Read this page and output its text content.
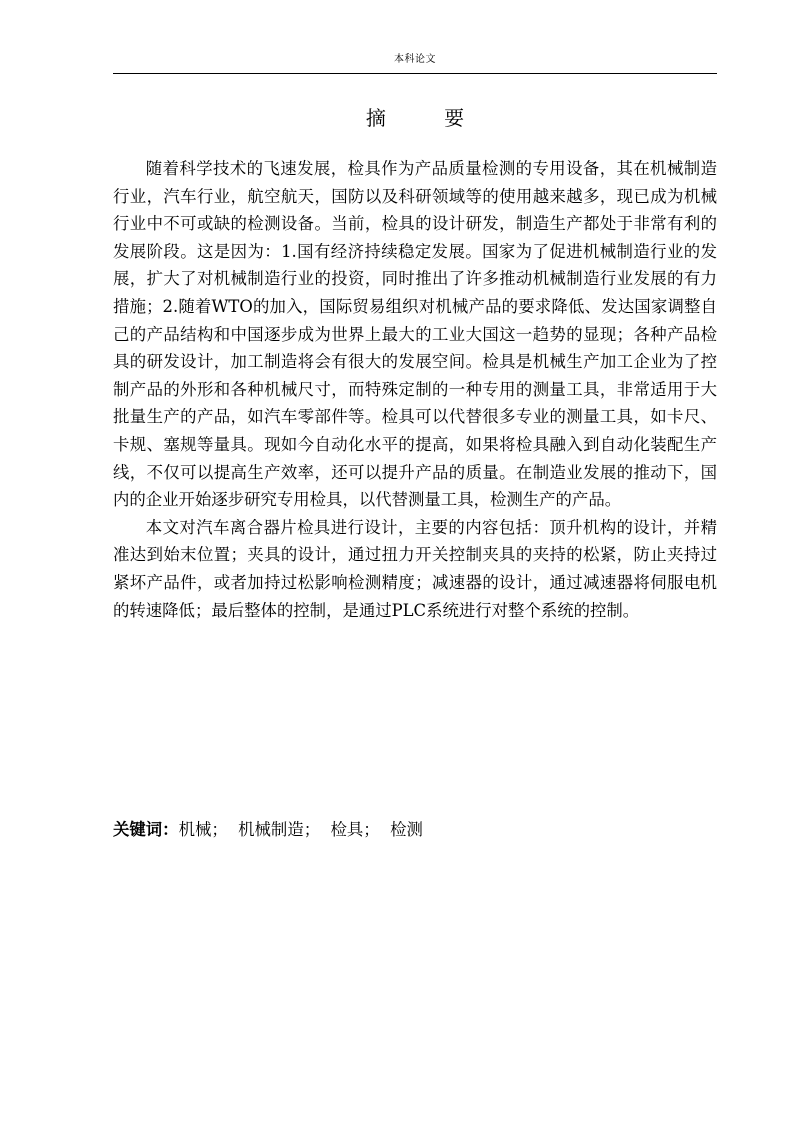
本科论文
摘 要

随着科学技术的飞速发展，检具作为产品质量检测的专用设备，其在机械制造行业，汽车行业，航空航天，国防以及科研领域等的使用越来越多，现已成为机械行业中不可或缺的检测设备。当前，检具的设计研发，制造生产都处于非常有利的发展阶段。这是因为：1.国有经济持续稳定发展。国家为了促进机械制造行业的发展，扩大了对机械制造行业的投资，同时推出了许多推动机械制造行业发展的有力措施；2.随着WTO的加入，国际贸易组织对机械产品的要求降低、发达国家调整自己的产品结构和中国逐步成为世界上最大的工业大国这一趋势的显现；各种产品检具的研发设计，加工制造将会有很大的发展空间。检具是机械生产加工企业为了控制产品的外形和各种机械尺寸，而特殊定制的一种专用的测量工具，非常适用于大批量生产的产品，如汽车零部件等。检具可以代替很多专业的测量工具，如卡尺、卡规、塞规等量具。现如今自动化水平的提高，如果将检具融入到自动化装配生产线，不仅可以提高生产效率，还可以提升产品的质量。在制造业发展的推动下，国内的企业开始逐步研究专用检具，以代替测量工具，检测生产的产品。

本文对汽车离合器片检具进行设计，主要的内容包括：顶升机构的设计，并精准达到始末位置；夹具的设计，通过扭力开关控制夹具的夹持的松紧，防止夹持过紧坏产品件，或者加持过松影响检测精度；减速器的设计，通过减速器将伺服电机的转速降低；最后整体的控制，是通过PLC系统进行对整个系统的控制。

关键词：机械；  机械制造；  检具；  检测
